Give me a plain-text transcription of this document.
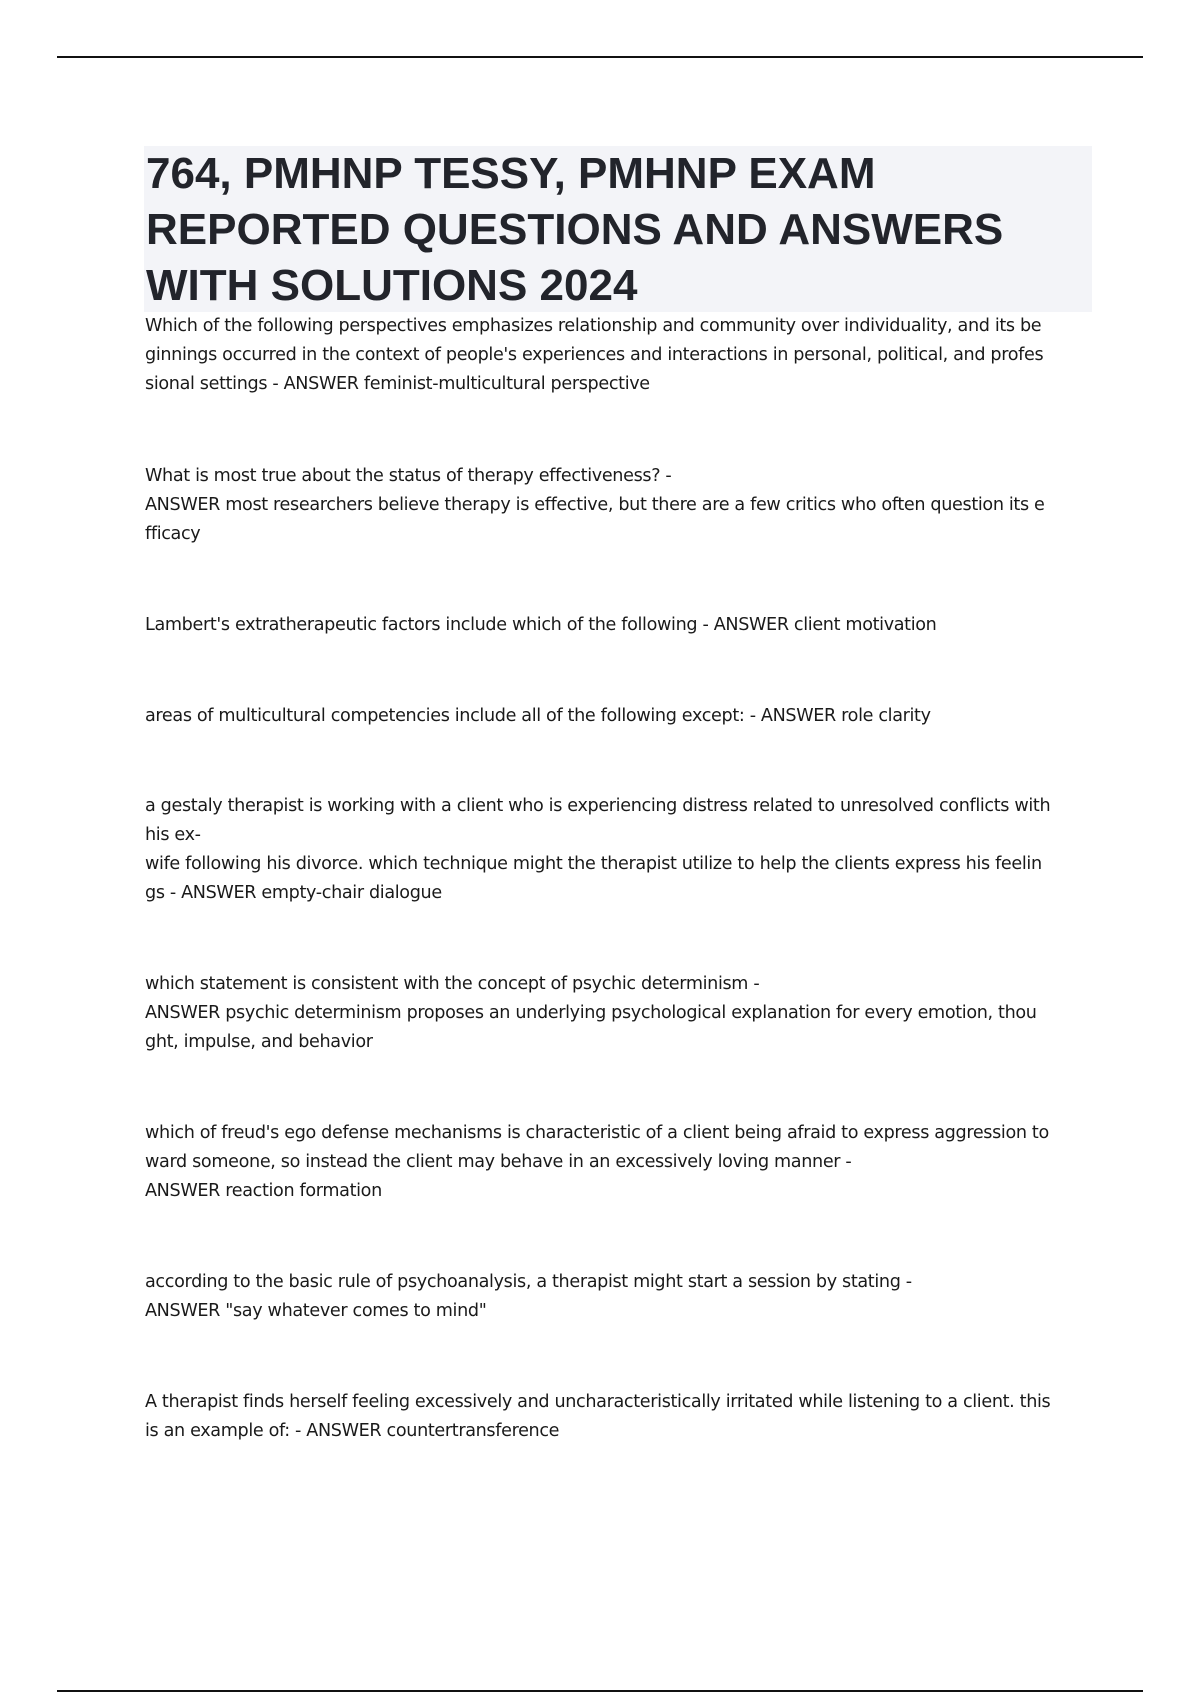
764, PMHNP TESSY, PMHNP EXAM
REPORTED QUESTIONS AND ANSWERS
WITH SOLUTIONS 2024

Which of the following perspectives emphasizes relationship and community over individuality, and its be
ginnings occurred in the context of people's experiences and interactions in personal, political, and profes
sional settings - ANSWER feminist-multicultural perspective

What is most true about the status of therapy effectiveness? -
ANSWER most researchers believe therapy is effective, but there are a few critics who often question its e
fficacy

Lambert's extratherapeutic factors include which of the following - ANSWER client motivation

areas of multicultural competencies include all of the following except: - ANSWER role clarity

a gestaly therapist is working with a client who is experiencing distress related to unresolved conflicts with
his ex-
wife following his divorce. which technique might the therapist utilize to help the clients express his feelin
gs - ANSWER empty-chair dialogue

which statement is consistent with the concept of psychic determinism -
ANSWER psychic determinism proposes an underlying psychological explanation for every emotion, thou
ght, impulse, and behavior

which of freud's ego defense mechanisms is characteristic of a client being afraid to express aggression to
ward someone, so instead the client may behave in an excessively loving manner -
ANSWER reaction formation

according to the basic rule of psychoanalysis, a therapist might start a session by stating -
ANSWER "say whatever comes to mind"

A therapist finds herself feeling excessively and uncharacteristically irritated while listening to a client. this
is an example of: - ANSWER countertransference
